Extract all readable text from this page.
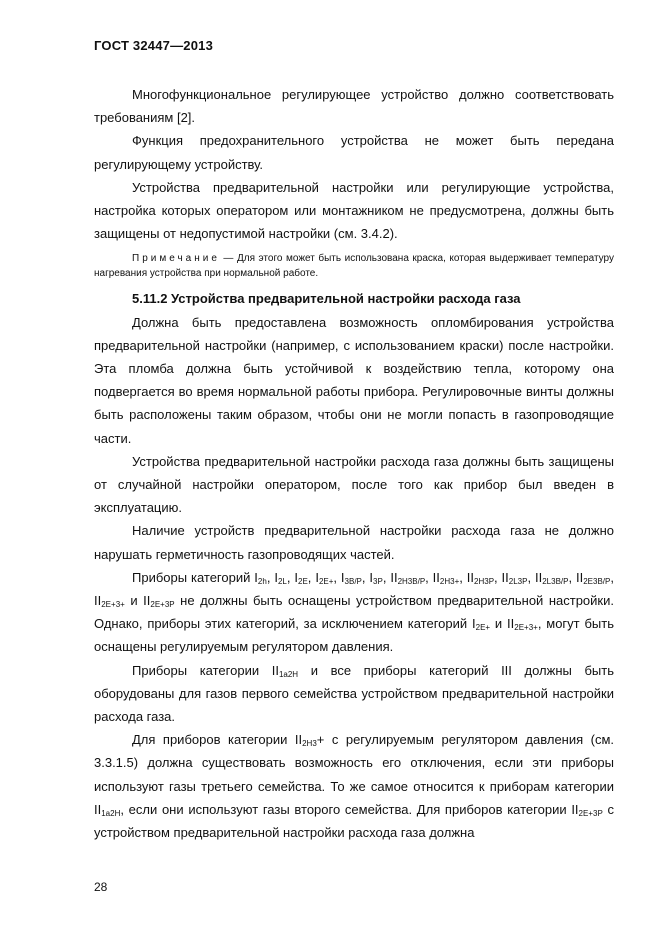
ГОСТ 32447—2013

Многофункциональное регулирующее устройство должно соответствовать требованиям [2].

Функция предохранительного устройства не может быть передана регулирующему устройству.

Устройства предварительной настройки или регулирующие устройства, настройка которых оператором или монтажником не предусмотрена, должны быть защищены от недопустимой настройки (см. 3.4.2).

Примечание — Для этого может быть использована краска, которая выдерживает температуру нагревания устройства при нормальной работе.

5.11.2 Устройства предварительной настройки расхода газа

Должна быть предоставлена возможность опломбирования устройства предварительной настройки (например, с использованием краски) после настройки. Эта пломба должна быть устойчивой к воздействию тепла, которому она подвергается во время нормальной работы прибора. Регулировочные винты должны быть расположены таким образом, чтобы они не могли попасть в газопроводящие части.

Устройства предварительной настройки расхода газа должны быть защищены от случайной настройки оператором, после того как прибор был введен в эксплуатацию.

Наличие устройств предварительной настройки расхода газа не должно нарушать герметичность газопроводящих частей.

Приборы категорий $I_{2h}$, $I_{2L}$, $I_{2E}$, $I_{2E+}$, $I_{3B/P}$, $I_{3P}$, $II_{2H3B/P}$, $II_{2H3+}$, $II_{2H3P}$, $II_{2L3P}$, $II_{2L3B/P}$, $II_{2E3B/P}$, $II_{2E+3+}$ и $II_{2E+3P}$ не должны быть оснащены устройством предварительной настройки. Однако, приборы этих категорий, за исключением категорий $I_{2E+}$ и $II_{2E+3+}$, могут быть оснащены регулируемым регулятором давления.

Приборы категории $II_{1a2H}$ и все приборы категорий III должны быть оборудованы для газов первого семейства устройством предварительной настройки расхода газа.

Для приборов категории $II_{2H3}+ с$ регулируемым регулятором давления (см. 3.3.1.5) должна существовать возможность его отключения, если эти приборы используют газы третьего семейства. То же самое относится к приборам категории $II_{1a2H}$, если они используют газы второго семейства. Для приборов категории $II_{2E+3P}$ с устройством предварительной настройки расхода газа должна

28
